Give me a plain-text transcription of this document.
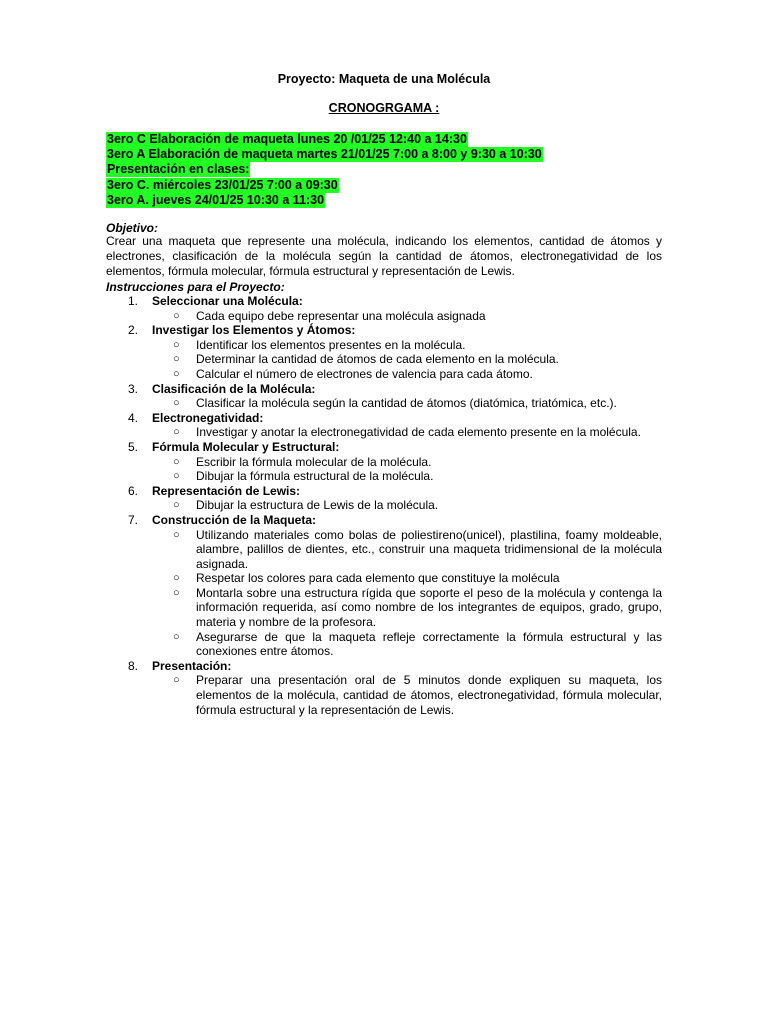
Proyecto: Maqueta de una Molécula
CRONOGRGAMA :
3ero C Elaboración de maqueta lunes 20 /01/25 12:40 a 14:30
3ero A Elaboración de maqueta martes 21/01/25 7:00 a 8:00 y 9:30 a 10:30
Presentación en clases:
3ero C. miércoles 23/01/25 7:00 a 09:30
3ero A. jueves 24/01/25 10:30 a 11:30
Objetivo:
Crear una maqueta que represente una molécula, indicando los elementos, cantidad de átomos y electrones, clasificación de la molécula según la cantidad de átomos, electronegatividad de los elementos, fórmula molecular, fórmula estructural y representación de Lewis.
Instrucciones para el Proyecto:
1.	Seleccionar una Molécula:
○ Cada equipo debe representar una molécula asignada
2.	Investigar los Elementos y Átomos:
○ Identificar los elementos presentes en la molécula.
○ Determinar la cantidad de átomos de cada elemento en la molécula.
○ Calcular el número de electrones de valencia para cada átomo.
3.	Clasificación de la Molécula:
○ Clasificar la molécula según la cantidad de átomos (diatómica, triatómica, etc.).
4.	Electronegatividad:
○ Investigar y anotar la electronegatividad de cada elemento presente en la molécula.
5.	Fórmula Molecular y Estructural:
○ Escribir la fórmula molecular de la molécula.
○ Dibujar la fórmula estructural de la molécula.
6.	Representación de Lewis:
○ Dibujar la estructura de Lewis de la molécula.
7.	Construcción de la Maqueta:
○ Utilizando materiales como bolas de poliestireno(unicel), plastilina, foamy moldeable, alambre, palillos de dientes, etc., construir una maqueta tridimensional de la molécula asignada.
○ Respetar los colores para cada elemento que constituye la molécula
○ Montarla sobre una estructura rígida que soporte el peso de la molécula y contenga la información requerida, así como nombre de los integrantes de equipos, grado, grupo, materia y nombre de la profesora.
○ Asegurarse de que la maqueta refleje correctamente la fórmula estructural y las conexiones entre átomos.
8.	Presentación:
○ Preparar una presentación oral de 5 minutos donde expliquen su maqueta, los elementos de la molécula, cantidad de átomos, electronegatividad, fórmula molecular, fórmula estructural y la representación de Lewis.
